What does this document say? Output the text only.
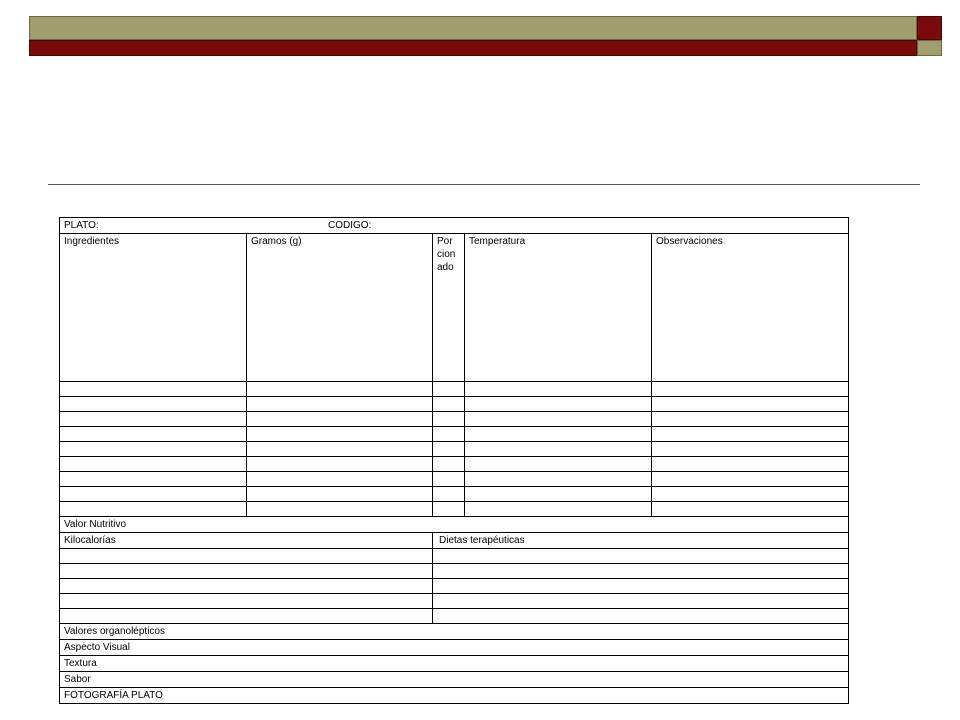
PLATO: CODIGO:				

Ingredientes	Gramos (g)	Por cion ado	Temperatura	Observaciones

Valor Nutritivo				
Kilocalorías		Dietas terapéuticas		

Valores organolépticos				
Aspecto Visual				
Textura				
Sabor				
FOTOGRAFÍA PLATO				
